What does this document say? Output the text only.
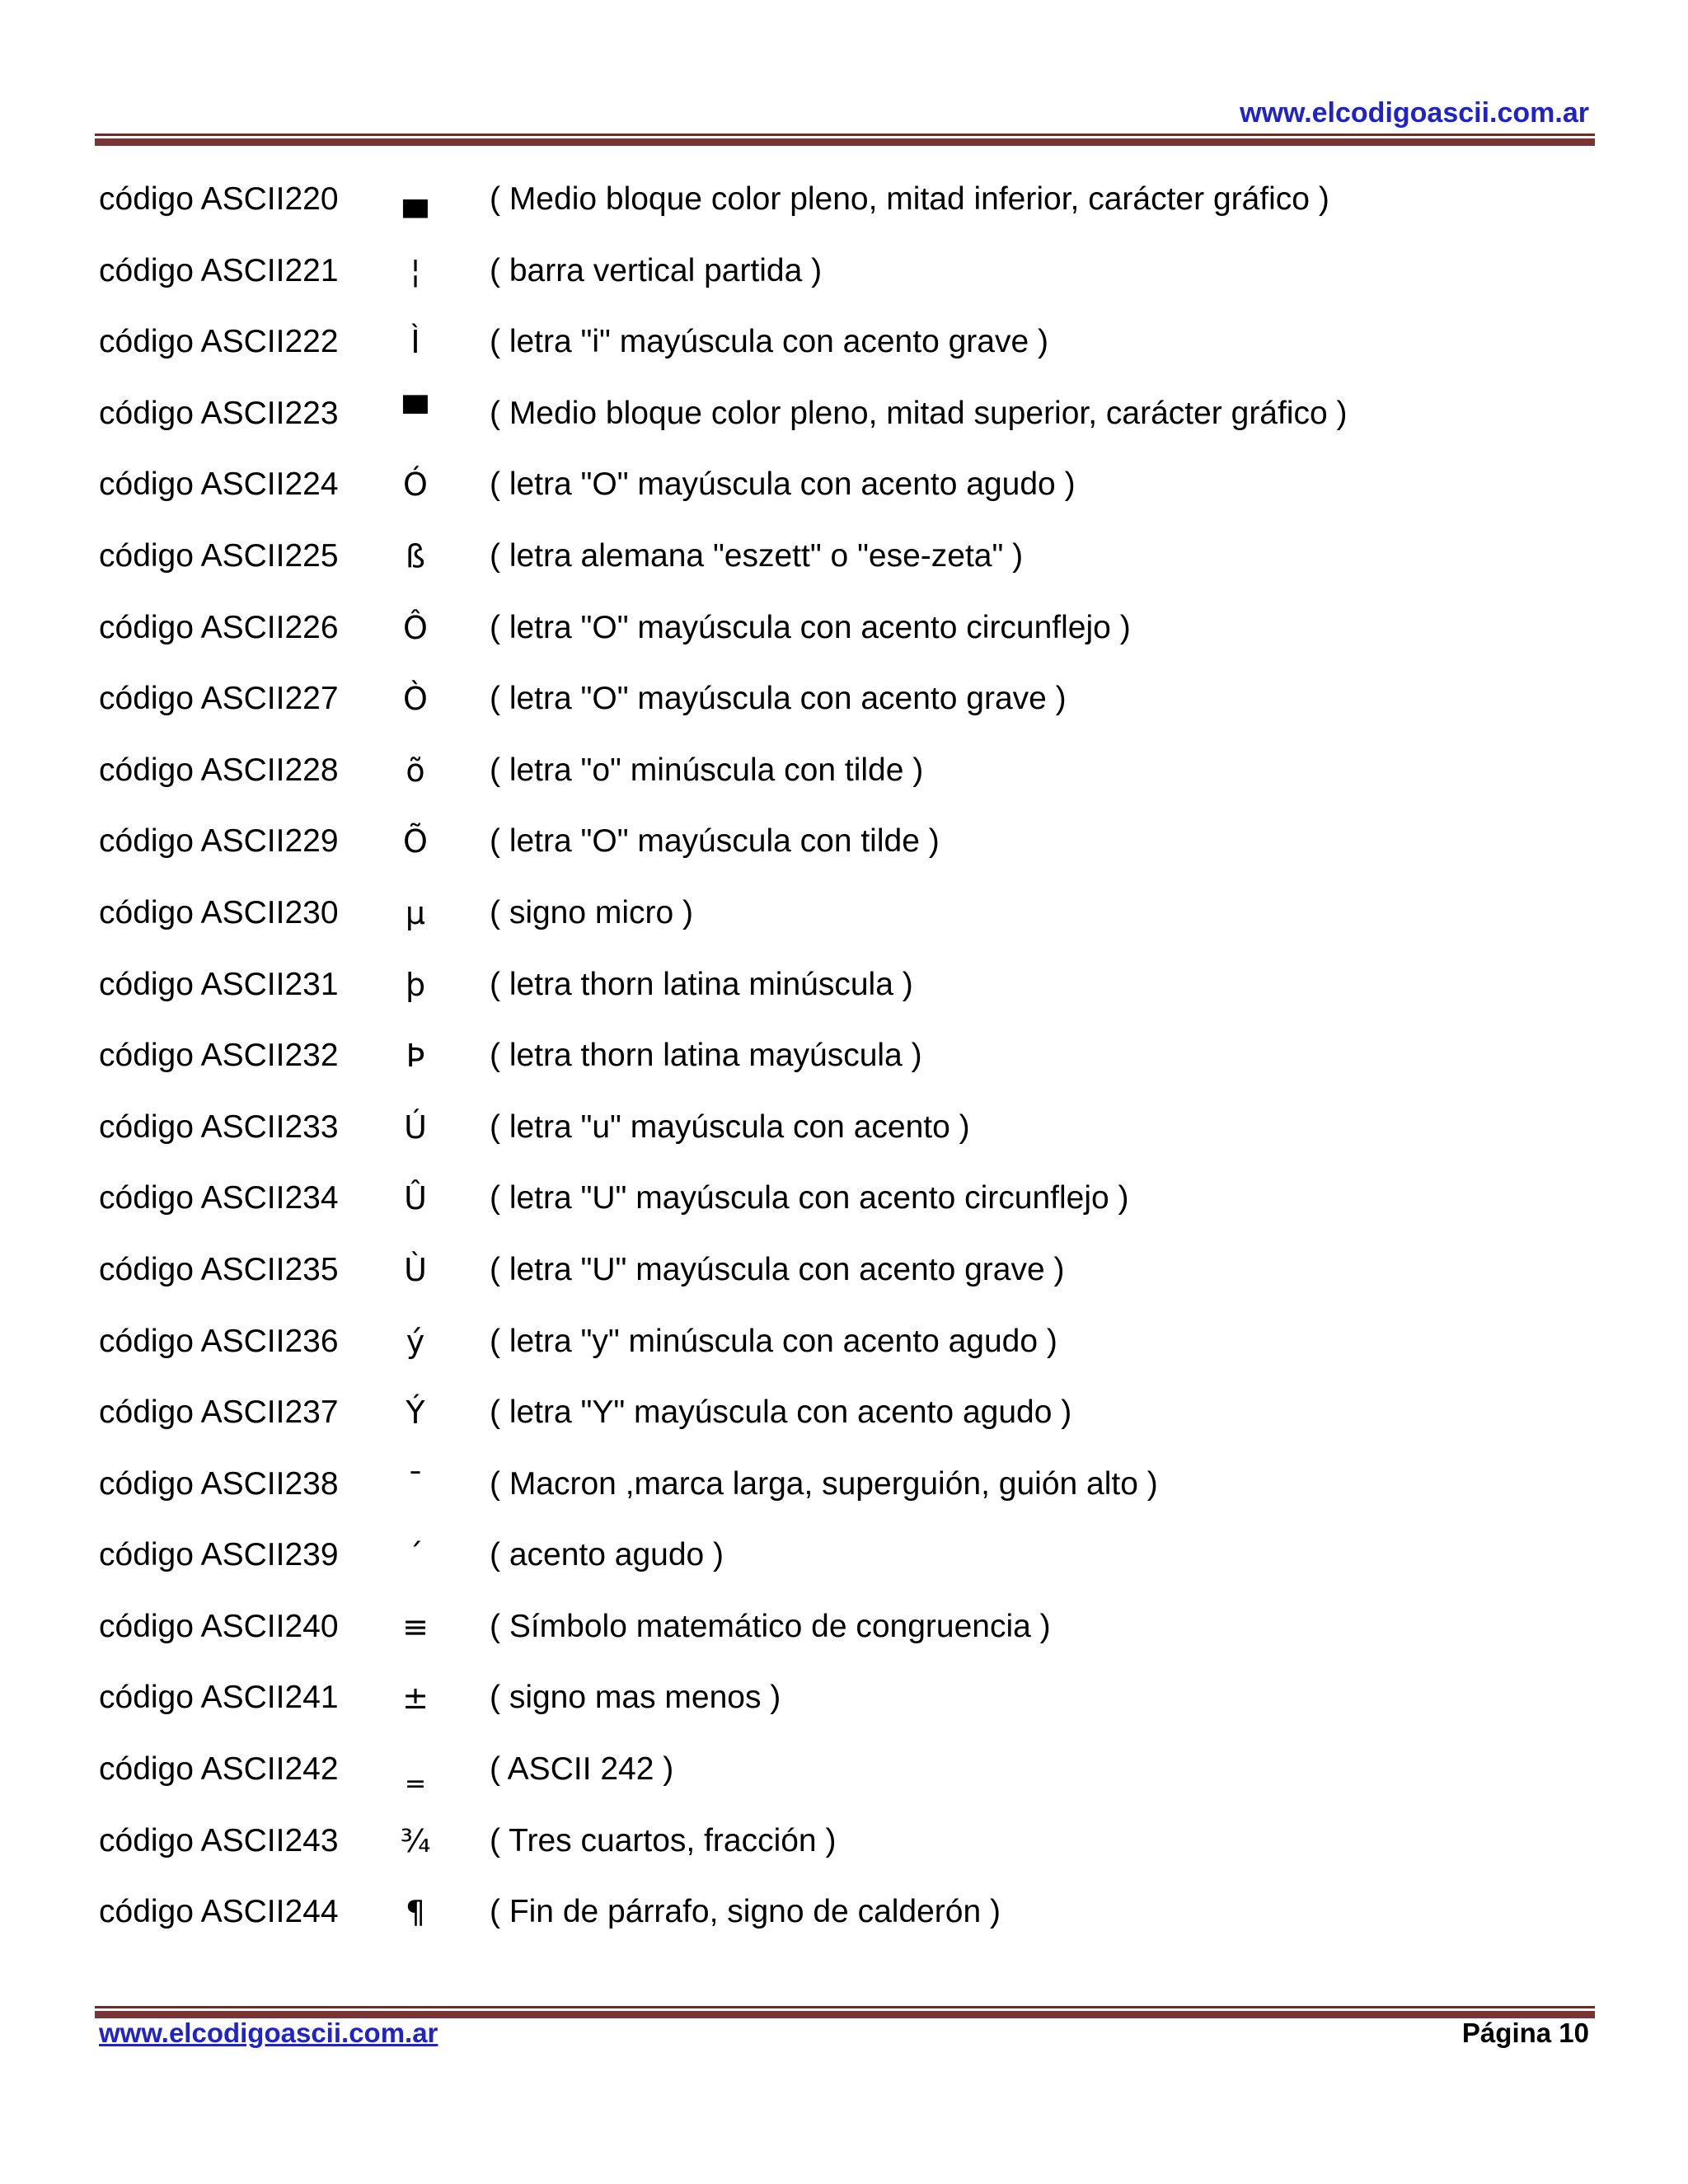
www.elcodigoascii.com.ar
código ASCII220	▄	( Medio bloque color pleno, mitad inferior, carácter gráfico )
código ASCII221	¦	( barra vertical partida )
código ASCII222	Ì	( letra "i" mayúscula con acento grave )
código ASCII223	▀	( Medio bloque color pleno, mitad superior, carácter gráfico )
código ASCII224	Ó	( letra "O" mayúscula con acento agudo )
código ASCII225	ß	( letra alemana "eszett" o "ese-zeta" )
código ASCII226	Ô	( letra "O" mayúscula con acento circunflejo )
código ASCII227	Ò	( letra "O" mayúscula con acento grave )
código ASCII228	õ	( letra "o" minúscula con tilde )
código ASCII229	Õ	( letra "O" mayúscula con tilde )
código ASCII230	µ	( signo micro )
código ASCII231	þ	( letra thorn latina minúscula )
código ASCII232	Þ	( letra thorn latina mayúscula )
código ASCII233	Ú	( letra "u" mayúscula con acento )
código ASCII234	Û	( letra "U" mayúscula con acento circunflejo )
código ASCII235	Ù	( letra "U" mayúscula con acento grave )
código ASCII236	ý	( letra "y" minúscula con acento agudo )
código ASCII237	Ý	( letra "Y" mayúscula con acento agudo )
código ASCII238	¯	( Macron ,marca larga, superguión, guión alto )
código ASCII239	´	( acento agudo )
código ASCII240	≡	( Símbolo matemático de congruencia )
código ASCII241	±	( signo mas menos )
código ASCII242	‗	( ASCII 242 )
código ASCII243	¾ ( Tres cuartos, fracción )
código ASCII244	¶	( Fin de párrafo, signo de calderón )
www.elcodigoascii.com.ar	Página 10
